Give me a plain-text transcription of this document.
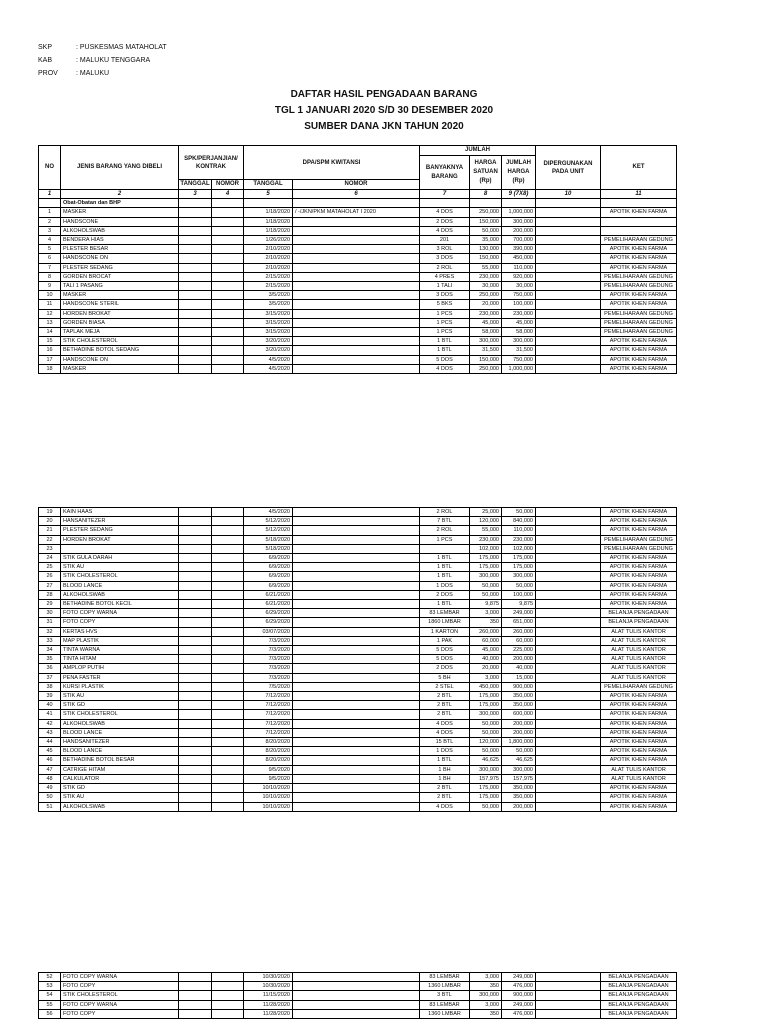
SKP	: PUSKESMAS MATAHOLAT
KAB	: MALUKU TENGGARA
PROV	: MALUKU
DAFTAR HASIL PENGADAAN BARANG
TGL 1 JANUARI 2020 S/D 30 DESEMBER 2020
SUMBER DANA JKN TAHUN 2020
NO	JENIS BARANG YANG DIBELI	SPK/PERJANJIAN/ KONTRAK		DPA/SPM KWITANSI		JUMLAH			DIPERGUNAKAN PADA UNIT	KET
						BANYAKNYA BARANG	HARGA SATUAN (Rp)	JUMLAH HARGA (Rp)		
		TANGGAL	NOMOR	TANGGAL	NOMOR					
1	2	3	4	5	6	7	8	9 (7X8)	10	11
	Obat-Obatan dan BHP									
1	MASKER			1/18/2020	/ -/JKN/PKM MATAHOLAT I 2020	4 DOS	250,000	1,000,000		APOTIK KHEN FARMA
2	HANDSCONE			1/18/2020		2 DOS	150,000	300,000		
3	ALKOHOLSWAB			1/18/2020		4 DOS	50,000	200,000		
4	BENDERA HIAS			1/26/2020		201	35,000	700,000		PEMELIHARAAN GEDUNG
5	PLESTER BESAR			2/10/2020		3 ROL	130,000	390,000		APOTIK KHEN FARMA
6	HANDSCONE ON			2/10/2020		3 DOS	150,000	450,000		APOTIK KHEN FARMA
7	PLESTER SEDANG			2/10/2020		2 ROL	55,000	110,000		APOTIK KHEN FARMA
8	GORDEN BROCAT			2/15/2020		4 PRES	230,000	920,000		PEMELIHARAAN GEDUNG
9	TALI 1 PASANG			2/15/2020		1 TALI	30,000	30,000		PEMELIHARAAN GEDUNG
10	MASKER			3/5/2020		3 DOS	250,000	750,000		APOTIK KHEN FARMA
11	HANDSCONE STERIL			3/5/2020		5 BKS	20,000	100,000		APOTIK KHEN FARMA
12	HORDEN BROKAT			3/15/2020		1 PCS	230,000	230,000		PEMELIHARAAN GEDUNG
13	GORDEN BIASA			3/15/2020		1 PCS	45,000	45,000		PEMELIHARAAN GEDUNG
14	TAPLAK MEJA			3/15/2020		1 PCS	58,000	58,000		PEMELIHARAAN GEDUNG
15	STIK CHOLESTEROL			3/20/2020		1 BTL	300,000	300,000		APOTIK KHEN FARMA
16	BETHADINE BOTOL SEDANG			3/20/2020		1 BTL	31,500	31,500		APOTIK KHEN FARMA
17	HANDSCONE ON			4/5/2020		5 DOS	150,000	750,000		APOTIK KHEN FARMA
18	MASKER			4/5/2020		4 DOS	250,000	1,000,000		APOTIK KHEN FARMA
19	KAIN HAAS			4/5/2020		2 ROL	25,000	50,000		APOTIK KHEN FARMA
20	HANSANITEZER			5/12/2020		7 BTL	120,000	840,000		APOTIK KHEN FARMA
21	PLESTER SEDANG			5/12/2020		2 ROL	55,000	110,000		APOTIK KHEN FARMA
22	HORDEN BROKAT			5/18/2020		1 PCS	230,000	230,000		PEMELIHARAAN GEDUNG
23				5/18/2020			102,000	102,000		PEMELIHARAAN GEDUNG
24	STIK GULA DARAH			6/9/2020		1 BTL	175,000	175,000		APOTIK KHEN FARMA
25	STIK AU			6/9/2020		1 BTL	175,000	175,000		APOTIK KHEN FARMA
26	STIK CHOLESTEROL			6/9/2020		1 BTL	300,000	300,000		APOTIK KHEN FARMA
27	BLOOD LANCE			6/9/2020		1 DOS	50,000	50,000		APOTIK KHEN FARMA
28	ALKOHOLSWAB			6/21/2020		2 DOS	50,000	100,000		APOTIK KHEN FARMA
29	BETHADINE BOTOL KECIL			6/21/2020		1 BTL	9,875	9,875		APOTIK KHEN FARMA
30	FOTO COPY WARNA			6/29/2020		83 LEMBAR	3,000	249,000		BELANJA PENGADAAN
31	FOTO COPY			6/29/2020		1860 LMBAR	350	651,000		BELANJA PENGADAAN
32	KERTAS HVS			03/07/2020		1 KARTON	260,000	260,000		ALAT TULIS KANTOR
33	MAP PLASTIK			7/3/2020		1 PAK	60,000	60,000		ALAT TULIS KANTOR
34	TINTA WARNA			7/3/2020		5 DOS	45,000	225,000		ALAT TULIS KANTOR
35	TINTA HITAM			7/3/2020		5 DOS	40,000	200,000		ALAT TULIS KANTOR
36	AMPLOP PUTIH			7/3/2020		2 DOS	20,000	40,000		ALAT TULIS KANTOR
37	PENA FASTER			7/3/2020		5 BH	3,000	15,000		ALAT TULIS KANTOR
38	KURSI PLASTIK			7/5/2020		2 STEL	450,000	900,000		PEMELIHARAAN GEDUNG
39	STIK AU			7/12/2020		2 BTL	175,000	350,000		APOTIK KHEN FARMA
40	STIK GD			7/12/2020		2 BTL	175,000	350,000		APOTIK KHEN FARMA
41	STIK CHOLESTEROL			7/12/2020		2 BTL	300,000	600,000		APOTIK KHEN FARMA
42	ALKOHOLSWAB			7/12/2020		4 DOS	50,000	200,000		APOTIK KHEN FARMA
43	BLOOD LANCE			7/12/2020		4 DOS	50,000	200,000		APOTIK KHEN FARMA
44	HANDSANITEZER			8/20/2020		15 BTL	120,000	1,800,000		APOTIK KHEN FARMA
45	BLOOD LANCE			8/20/2020		1 DOS	50,000	50,000		APOTIK KHEN FARMA
46	BETHADINE BOTOL BESAR			8/20/2020		1 BTL	46,625	46,625		APOTIK KHEN FARMA
47	CATRIGE HITAM			9/5/2020		1 BH	300,000	300,000		ALAT TULIS KANTOR
48	CALKULATOR			9/5/2020		1 BH	157,975	157,975		ALAT TULIS KANTOR
49	STIK GD			10/10/2020		2 BTL	175,000	350,000		APOTIK KHEN FARMA
50	STIK AU			10/10/2020		2 BTL	175,000	350,000		APOTIK KHEN FARMA
51	ALKOHOLSWAB			10/10/2020		4 DOS	50,000	200,000		APOTIK KHEN FARMA
52	FOTO COPY WARNA			10/30/2020		83 LEMBAR	3,000	249,000		BELANJA PENGADAAN
53	FOTO COPY			10/30/2020		1360 LMBAR	350	476,000		BELANJA PENGADAAN
54	STIK CHOLESTEROL			11/15/2020		3 BTL	300,000	900,000		BELANJA PENGADAAN
55	FOTO COPY WARNA			11/28/2020		83 LEMBAR	3,000	249,000		BELANJA PENGADAAN
56	FOTO COPY			11/28/2020		1360 LMBAR	350	476,000		BELANJA PENGADAAN
